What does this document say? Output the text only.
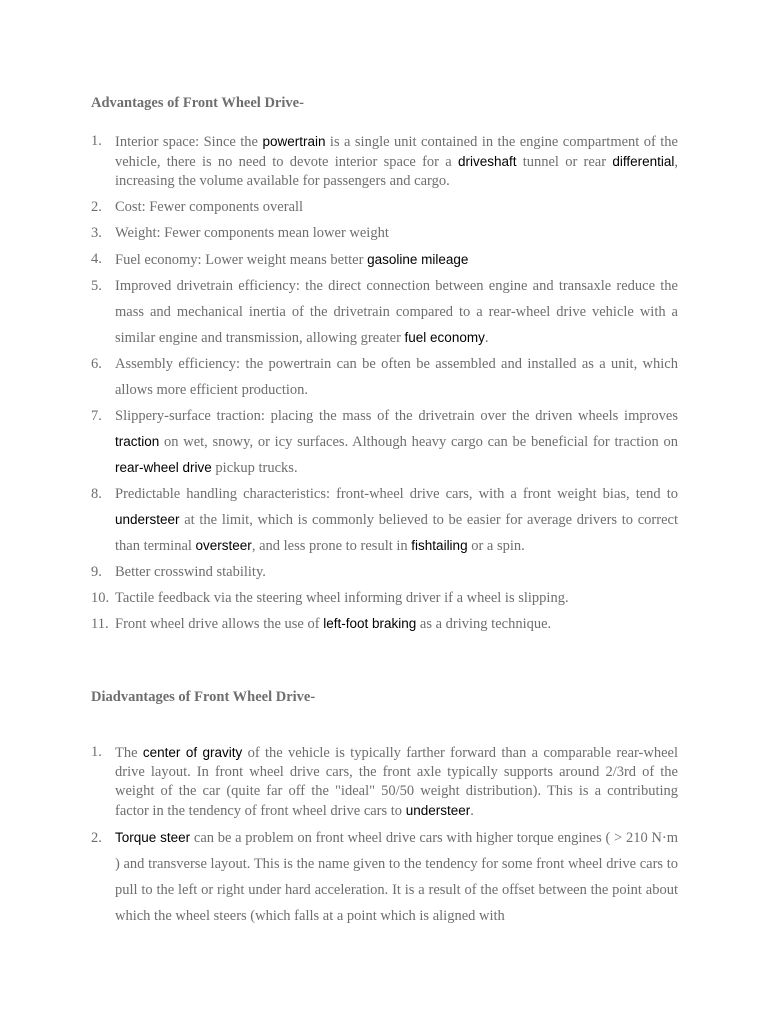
Advantages of Front Wheel Drive-
1. Interior space: Since the powertrain is a single unit contained in the engine compartment of the vehicle, there is no need to devote interior space for a driveshaft tunnel or rear differential, increasing the volume available for passengers and cargo.
2. Cost: Fewer components overall
3. Weight: Fewer components mean lower weight
4. Fuel economy: Lower weight means better gasoline mileage
5. Improved drivetrain efficiency: the direct connection between engine and transaxle reduce the mass and mechanical inertia of the drivetrain compared to a rear-wheel drive vehicle with a similar engine and transmission, allowing greater fuel economy.
6. Assembly efficiency: the powertrain can be often be assembled and installed as a unit, which allows more efficient production.
7. Slippery-surface traction: placing the mass of the drivetrain over the driven wheels improves traction on wet, snowy, or icy surfaces. Although heavy cargo can be beneficial for traction on rear-wheel drive pickup trucks.
8. Predictable handling characteristics: front-wheel drive cars, with a front weight bias, tend to understeer at the limit, which is commonly believed to be easier for average drivers to correct than terminal oversteer, and less prone to result in fishtailing or a spin.
9. Better crosswind stability.
10. Tactile feedback via the steering wheel informing driver if a wheel is slipping.
11. Front wheel drive allows the use of left-foot braking as a driving technique.
Diadvantages of Front Wheel Drive-
1. The center of gravity of the vehicle is typically farther forward than a comparable rear-wheel drive layout. In front wheel drive cars, the front axle typically supports around 2/3rd of the weight of the car (quite far off the "ideal" 50/50 weight distribution). This is a contributing factor in the tendency of front wheel drive cars to understeer.
2. Torque steer can be a problem on front wheel drive cars with higher torque engines ( > 210 N·m ) and transverse layout. This is the name given to the tendency for some front wheel drive cars to pull to the left or right under hard acceleration. It is a result of the offset between the point about which the wheel steers (which falls at a point which is aligned with
